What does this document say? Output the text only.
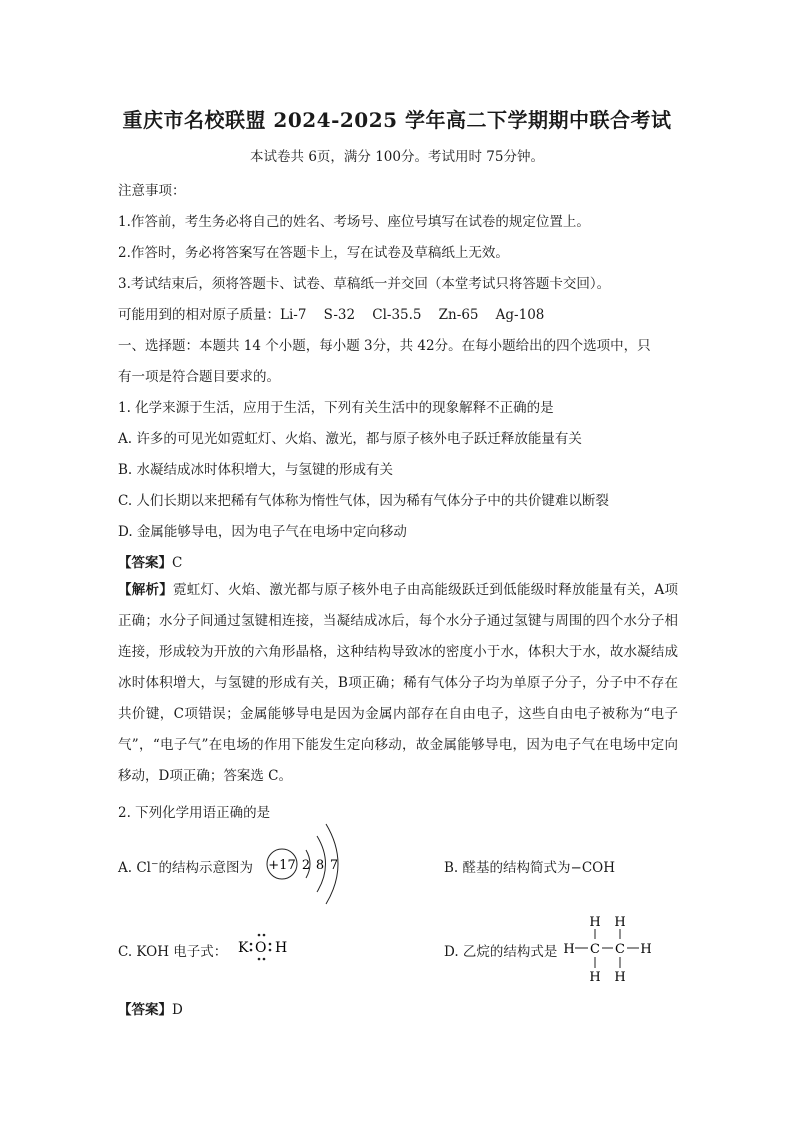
重庆市名校联盟 2024-2025 学年高二下学期期中联合考试
本试卷共 6页，满分 100分。考试用时 75分钟。
注意事项：
1.作答前，考生务必将自己的姓名、考场号、座位号填写在试卷的规定位置上。
2.作答时，务必将答案写在答题卡上，写在试卷及草稿纸上无效。
3.考试结束后，须将答题卡、试卷、草稿纸一并交回（本堂考试只将答题卡交回）。
可能用到的相对原子质量：Li-7    S-32    Cl-35.5    Zn-65    Ag-108
一、选择题：本题共 14 个小题，每小题 3分，共 42分。在每小题给出的四个选项中，只
有一项是符合题目要求的。
1. 化学来源于生活，应用于生活，下列有关生活中的现象解释不正确的是
A. 许多的可见光如霓虹灯、火焰、激光，都与原子核外电子跃迁释放能量有关
B. 水凝结成冰时体积增大，与氢键的形成有关
C. 人们长期以来把稀有气体称为惰性气体，因为稀有气体分子中的共价键难以断裂
D. 金属能够导电，因为电子气在电场中定向移动
【答案】C
【解析】霓虹灯、火焰、激光都与原子核外电子由高能级跃迁到低能级时释放能量有关，A项正确；水分子间通过氢键相连接，当凝结成冰后，每个水分子通过氢键与周围的四个水分子相连接，形成较为开放的六角形晶格，这种结构导致冰的密度小于水，体积大于水，故水凝结成冰时体积增大，与氢键的形成有关，B项正确；稀有气体分子均为单原子分子，分子中不存在共价键，C项错误；金属能够导电是因为金属内部存在自由电子，这些自由电子被称为“电子气”，“电子气”在电场的作用下能发生定向移动，故金属能够导电，因为电子气在电场中定向移动，D项正确；答案选 C。
2. 下列化学用语正确的是
A. Cl−的结构示意图为 +17 2 8 7	B. 醛基的结构简式为−COH
C. KOH 电子式： K O H	D. 乙烷的结构式是
H H
H C C H
H H
【答案】D
